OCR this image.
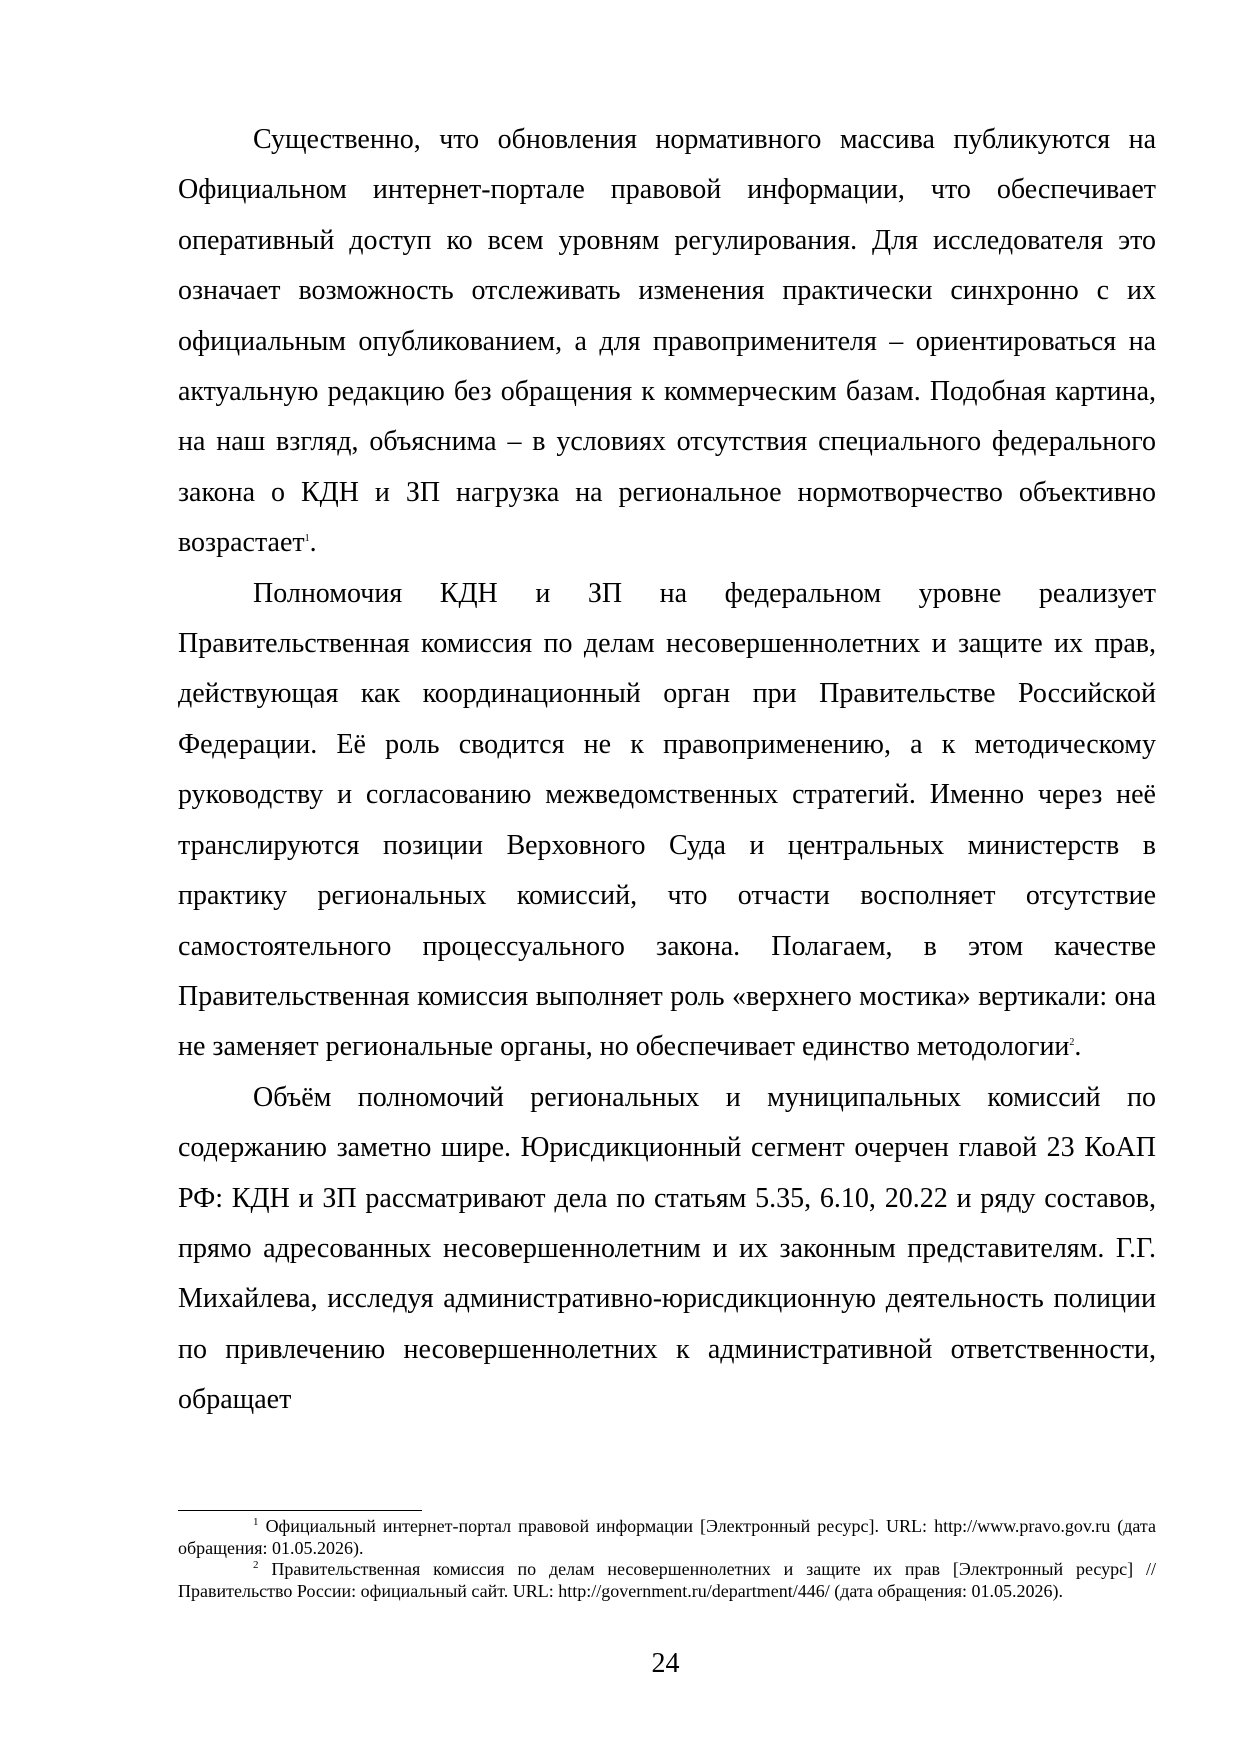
Существенно, что обновления нормативного массива публикуются на Официальном интернет-портале правовой информации, что обеспечивает оперативный доступ ко всем уровням регулирования. Для исследователя это означает возможность отслеживать изменения практически синхронно с их официальным опубликованием, а для правоприменителя – ориентироваться на актуальную редакцию без обращения к коммерческим базам. Подобная картина, на наш взгляд, объяснима – в условиях отсутствия специального федерального закона о КДН и ЗП нагрузка на региональное нормотворчество объективно возрастает$^1$.

Полномочия КДН и ЗП на федеральном уровне реализует Правительственная комиссия по делам несовершеннолетних и защите их прав, действующая как координационный орган при Правительстве Российской Федерации. Её роль сводится не к правоприменению, а к методическому руководству и согласованию межведомственных стратегий. Именно через неё транслируются позиции Верховного Суда и центральных министерств в практику региональных комиссий, что отчасти восполняет отсутствие самостоятельного процессуального закона. Полагаем, в этом качестве Правительственная комиссия выполняет роль «верхнего мостика» вертикали: она не заменяет региональные органы, но обеспечивает единство методологии$^2$.

Объём полномочий региональных и муниципальных комиссий по содержанию заметно шире. Юрисдикционный сегмент очерчен главой 23 КоАП РФ: КДН и ЗП рассматривают дела по статьям 5.35, 6.10, 20.22 и ряду составов, прямо адресованных несовершеннолетним и их законным представителям. Г.Г. Михайлева, исследуя административно-юрисдикционную деятельность полиции по привлечению несовершеннолетних к административной ответственности, обращает

$^1$ Официальный интернет-портал правовой информации [Электронный ресурс]. URL: http://www.pravo.gov.ru (дата обращения: 01.05.2026).

$^2$ Правительственная комиссия по делам несовершеннолетних и защите их прав [Электронный ресурс] // Правительство России: официальный сайт. URL: http://government.ru/department/446/ (дата обращения: 01.05.2026).

24
